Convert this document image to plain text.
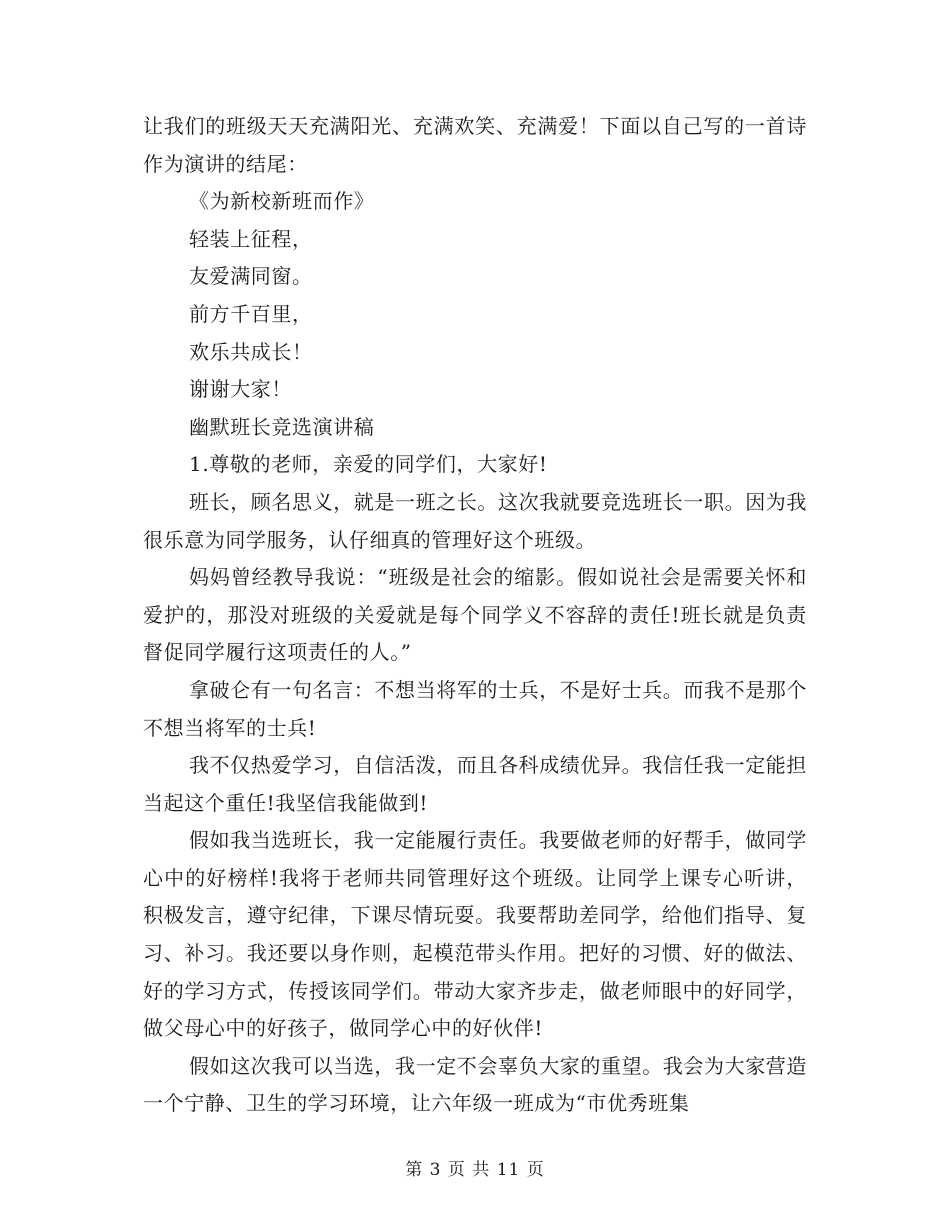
让我们的班级天天充满阳光、充满欢笑、充满爱！下面以自己写的一首诗作为演讲的结尾：

《为新校新班而作》

轻装上征程，

友爱满同窗。

前方千百里，

欢乐共成长！

谢谢大家！

幽默班长竞选演讲稿

1.尊敬的老师，亲爱的同学们，大家好!

班长，顾名思义，就是一班之长。这次我就要竞选班长一职。因为我很乐意为同学服务，认仔细真的管理好这个班级。

妈妈曾经教导我说：“班级是社会的缩影。假如说社会是需要关怀和爱护的，那没对班级的关爱就是每个同学义不容辞的责任!班长就是负责督促同学履行这项责任的人。”

拿破仑有一句名言：不想当将军的士兵，不是好士兵。而我不是那个不想当将军的士兵!

我不仅热爱学习，自信活泼，而且各科成绩优异。我信任我一定能担当起这个重任!我坚信我能做到!

假如我当选班长，我一定能履行责任。我要做老师的好帮手，做同学心中的好榜样!我将于老师共同管理好这个班级。让同学上课专心听讲，积极发言，遵守纪律，下课尽情玩耍。我要帮助差同学，给他们指导、复习、补习。我还要以身作则，起模范带头作用。把好的习惯、好的做法、好的学习方式，传授该同学们。带动大家齐步走，做老师眼中的好同学，做父母心中的好孩子，做同学心中的好伙伴!

假如这次我可以当选，我一定不会辜负大家的重望。我会为大家营造一个宁静、卫生的学习环境，让六年级一班成为“市优秀班集

第 3 页 共 11 页
